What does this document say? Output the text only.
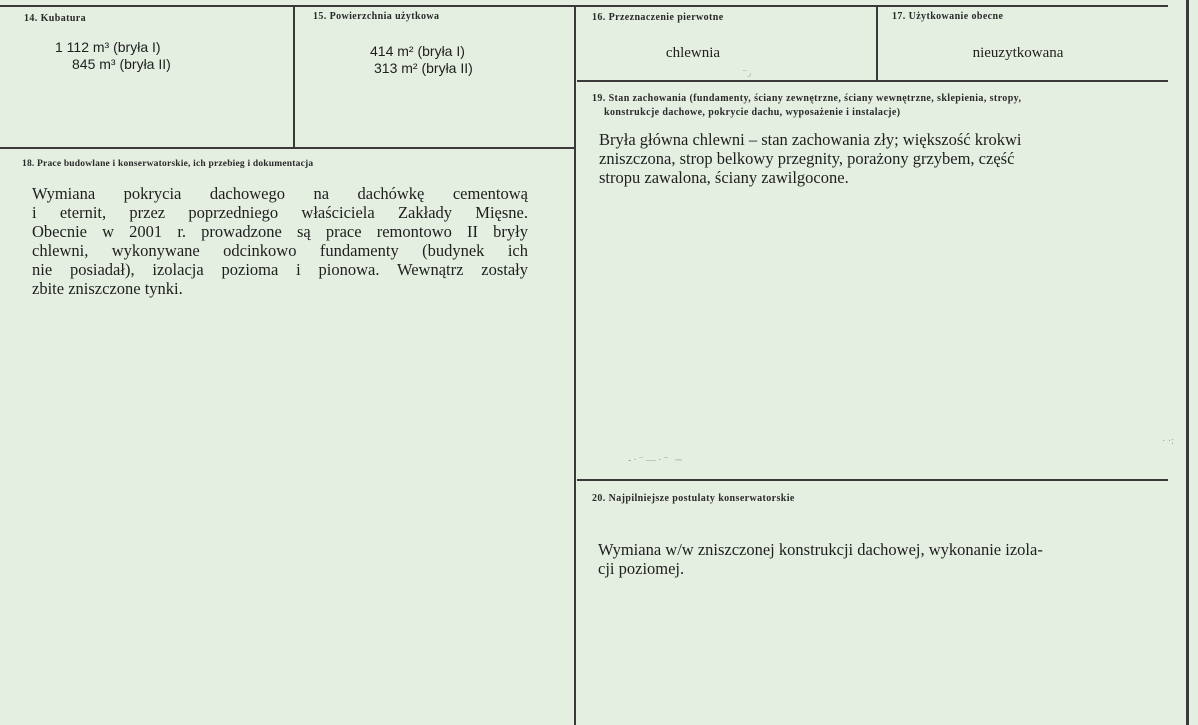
14. Kubatura
1 112 m³ (bryła I)
845 m³ (bryła II)
15. Powierzchnia użytkowa
414 m² (bryła I)
313 m² (bryła II)
16. Przeznaczenie pierwotne
chlewnia
17. Użytkowanie obecne
nieuzytkowana
18. Prace budowlane i konserwatorskie, ich przebieg i dokumentacja
Wymiana pokrycia dachowego na dachówkę cementową
i eternit, przez poprzedniego właściciela Zakłady Mięsne.
Obecnie w 2001 r. prowadzone są prace remontowo II bryły
chlewni, wykonywane odcinkowo fundamenty (budynek ich
nie posiadał), izolacja pozioma i pionowa. Wewnątrz zostały
zbite zniszczone tynki.
19. Stan zachowania (fundamenty, ściany zewnętrzne, ściany wewnętrzne, sklepienia, stropy,
konstrukcje dachowe, pokrycie dachu, wyposażenie i instalacje)
Bryła główna chlewni – stan zachowania zły; większość krokwi
zniszczona, strop belkowy przegnity, porażony grzybem, część
stropu zawalona, ściany zawilgocone.
20. Najpilniejsze postulaty konserwatorskie
Wymiana w/w zniszczonej konstrukcji dachowej, wykonanie izola-
cji poziomej.
⁻◞
‐·⁻—·⁻ ─
· ·:
